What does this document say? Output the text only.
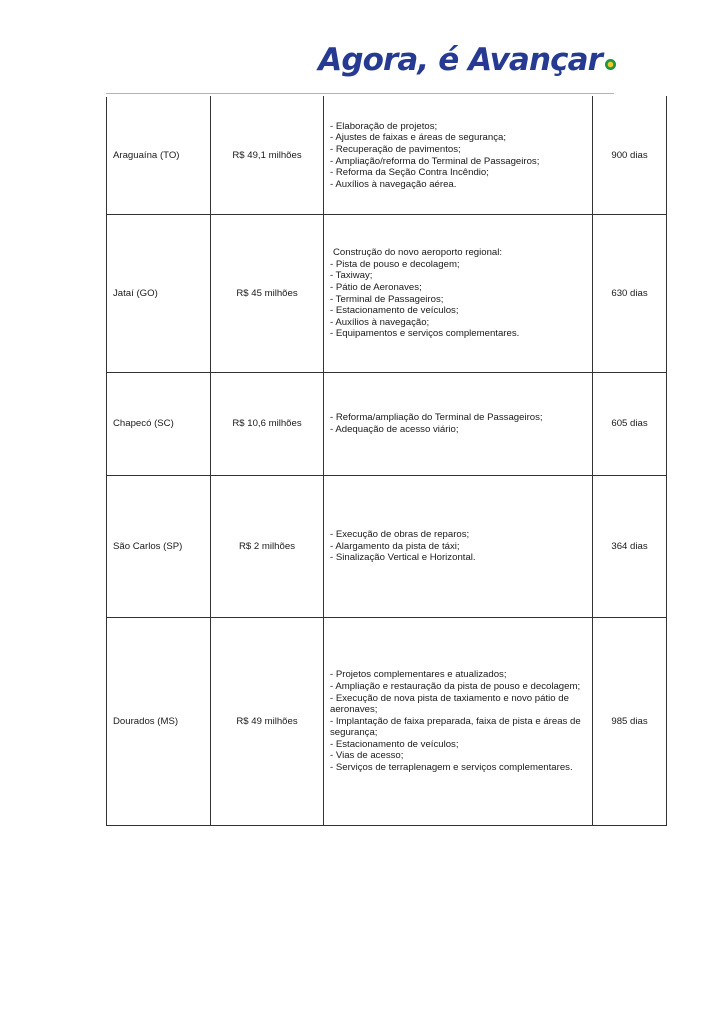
Agora, é Avançar
Araguaína (TO)	R$ 49,1 milhões

- Elaboração de projetos;
- Ajustes de faixas e áreas de segurança;
- Recuperação de pavimentos;
- Ampliação/reforma do Terminal de Passageiros;
- Reforma da Seção Contra Incêndio;
- Auxílios à navegação aérea.

900 dias

Jataí (GO)	R$ 45 milhões

Construção do novo aeroporto regional:

- Pista de pouso e decolagem;
- Taxiway;
- Pátio de Aeronaves;
- Terminal de Passageiros;
- Estacionamento de veículos;
- Auxílios à navegação;
- Equipamentos e serviços complementares.

630 dias

Chapecó (SC)	R$ 10,6 milhões

- Reforma/ampliação do Terminal de Passageiros;
- Adequação de acesso viário;

605 dias

São Carlos (SP)	R$ 2 milhões

- Execução de obras de reparos;
- Alargamento da pista de táxi;
- Sinalização Vertical e Horizontal.

364 dias

Dourados (MS)	R$ 49 milhões

- Projetos complementares e atualizados;
- Ampliação e restauração da pista de pouso e decolagem;
- Execução de nova pista de taxiamento e novo pátio de aeronaves;
- Implantação de faixa preparada, faixa de pista e áreas de segurança;
- Estacionamento de veículos;
- Vias de acesso;
- Serviços de terraplenagem e serviços complementares.

985 dias
